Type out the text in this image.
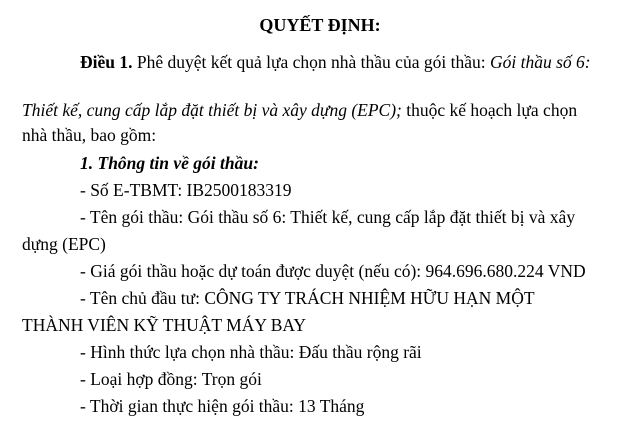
QUYẾT ĐỊNH:
Điều 1. Phê duyệt kết quả lựa chọn nhà thầu của gói thầu: Gói thầu số 6:
Thiết kế, cung cấp lắp đặt thiết bị và xây dựng (EPC); thuộc kế hoạch lựa chọn
nhà thầu, bao gồm:
1. Thông tin về gói thầu:
- Số E-TBMT: IB2500183319
- Tên gói thầu: Gói thầu số 6: Thiết kế, cung cấp lắp đặt thiết bị và xây
dựng (EPC)
- Giá gói thầu hoặc dự toán được duyệt (nếu có): 964.696.680.224 VND
- Tên chủ đầu tư: CÔNG TY TRÁCH NHIỆM HỮU HẠN MỘT
THÀNH VIÊN KỸ THUẬT MÁY BAY
- Hình thức lựa chọn nhà thầu: Đấu thầu rộng rãi
- Loại hợp đồng: Trọn gói
- Thời gian thực hiện gói thầu: 13 Tháng
